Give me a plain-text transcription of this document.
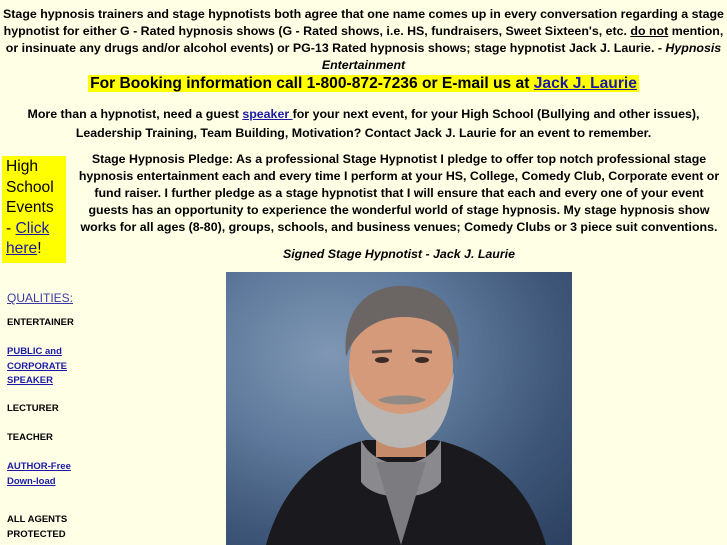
Stage hypnosis trainers and stage hypnotists both agree that one name comes up in every conversation regarding a stage hypnotist for either G - Rated hypnosis shows (G - Rated shows, i.e. HS, fundraisers, Sweet Sixteen's, etc. do not mention, or insinuate any drugs and/or alcohol events) or PG-13 Rated hypnosis shows; stage hypnotist Jack J. Laurie. - Hypnosis Entertainment
For Booking information call 1-800-872-7236 or E-mail us at Jack J. Laurie
More than a hypnotist, need a guest speaker for your next event, for your High School (Bullying and other issues), Leadership Training, Team Building, Motivation? Contact Jack J. Laurie for an event to remember.
High School Events - Click here!
QUALITIES:
ENTERTAINER
PUBLIC and CORPORATE SPEAKER
LECTURER
TEACHER
AUTHOR-Free Down-load
ALL AGENTS PROTECTED
Stage Hypnosis Pledge: As a professional Stage Hypnotist I pledge to offer top notch professional stage hypnosis entertainment each and every time I perform at your HS, College, Comedy Club, Corporate event or fund raiser. I further pledge as a stage hypnotist that I will ensure that each and every one of your event guests has an opportunity to experience the wonderful world of stage hypnosis. My stage hypnosis show works for all ages (8-80), groups, schools, and business venues; Comedy Clubs or 3 piece suit conventions.
Signed Stage Hypnotist - Jack J. Laurie
